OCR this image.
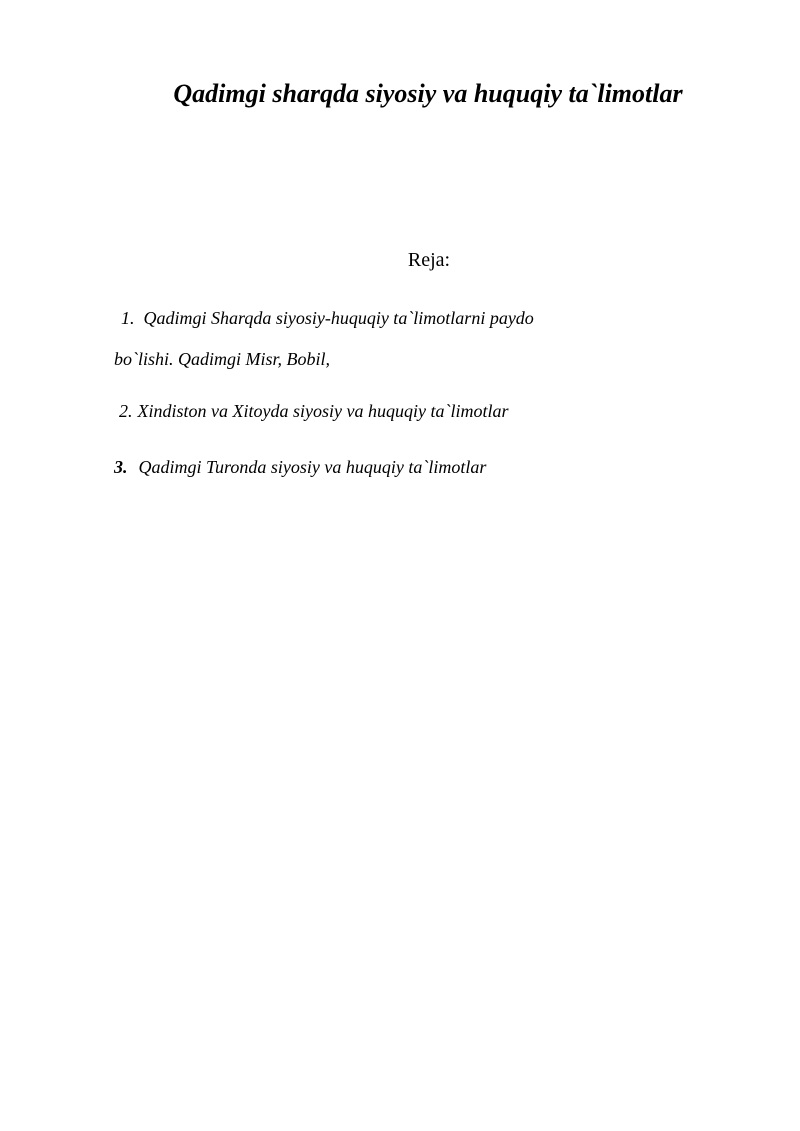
Qadimgi sharqda siyosiy va huquqiy ta`limotlar
Reja:
1. Qadimgi Sharqda siyosiy-huquqiy ta`limotlarni paydo
bo`lishi. Qadimgi Misr, Bobil,
2. Xindiston va Xitoyda siyosiy va huquqiy ta`limotlar
3. Qadimgi Turonda siyosiy va huquqiy ta`limotlar
